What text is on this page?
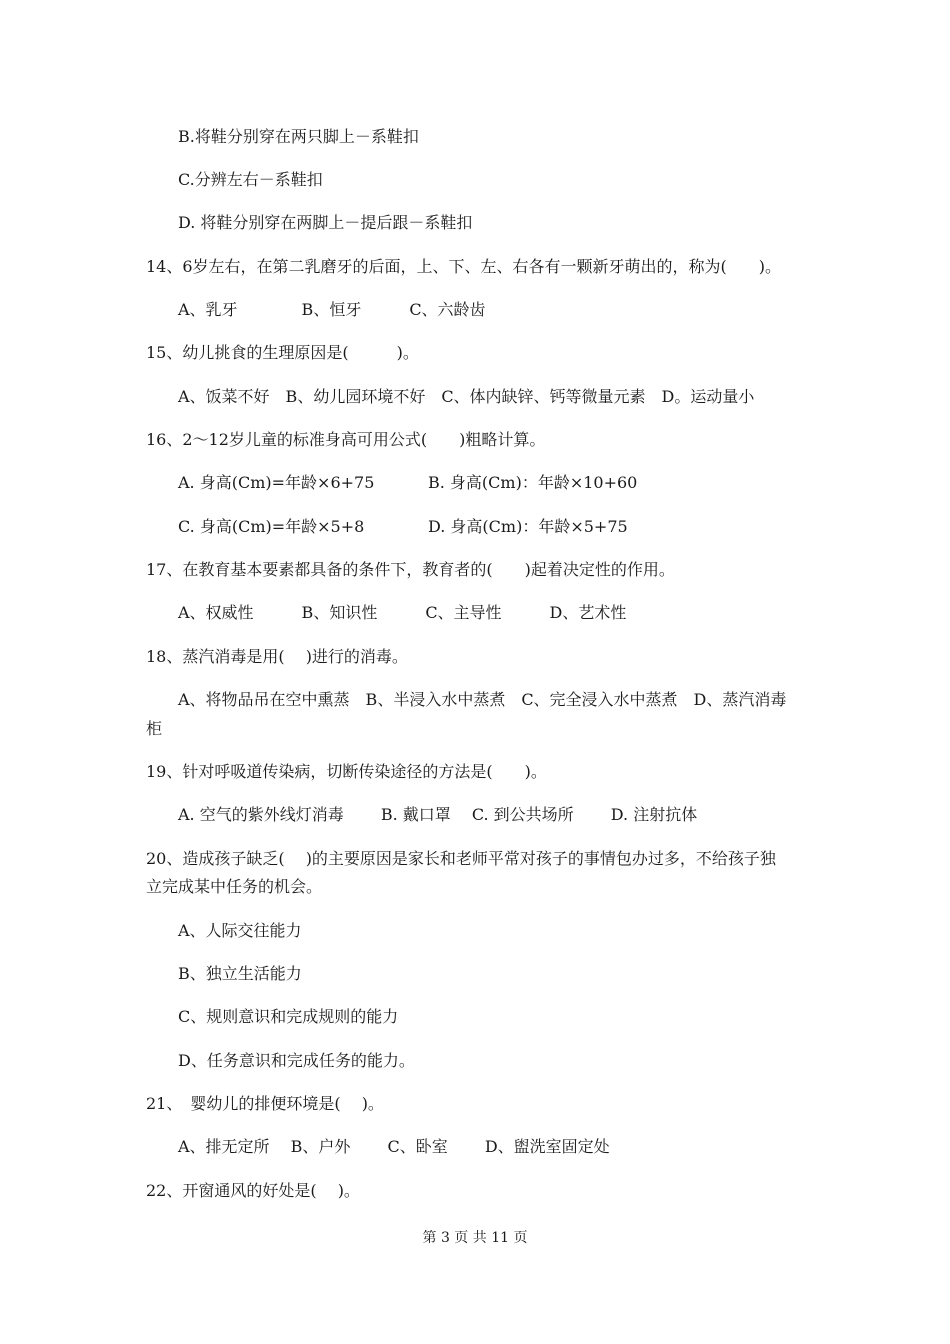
B.将鞋分别穿在两只脚上－系鞋扣
C.分辨左右－系鞋扣
D. 将鞋分别穿在两脚上－提后跟－系鞋扣
14、6岁左右，在第二乳磨牙的后面，上、下、左、右各有一颗新牙萌出的，称为(　　)。
A、乳牙　　　　B、恒牙　　　C、六龄齿
15、幼儿挑食的生理原因是(　　　)。
A、饭菜不好　B、幼儿园环境不好　C、体内缺锌、钙等微量元素　D。运动量小
16、2～12岁儿童的标准身高可用公式(　　)粗略计算。
A. 身高(Cm)=年龄×6+75	B. 身高(Cm)：年龄×10+60
C. 身高(Cm)=年龄×5+8	D. 身高(Cm)：年龄×5+75
17、在教育基本要素都具备的条件下，教育者的(　　)起着决定性的作用。
A、权威性　　　B、知识性　　　C、主导性　　　D、艺术性
18、蒸汽消毒是用(　 )进行的消毒。
A、将物品吊在空中熏蒸　B、半浸入水中蒸煮　C、完全浸入水中蒸煮　D、蒸汽消毒
柜
19、针对呼吸道传染病，切断传染途径的方法是(　　)。
A. 空气的紫外线灯消毒　　 B. 戴口罩　 C. 到公共场所　　 D. 注射抗体
20、造成孩子缺乏(　 )的主要原因是家长和老师平常对孩子的事情包办过多，不给孩子独
立完成某中任务的机会。
A、人际交往能力
B、独立生活能力
C、规则意识和完成规则的能力
D、任务意识和完成任务的能力。
21、　婴幼儿的排便环境是(　 )。
A、排无定所　 B、户外　　 C、卧室　　 D、盥洗室固定处
22、开窗通风的好处是(　 )。
第 3 页 共 11 页
